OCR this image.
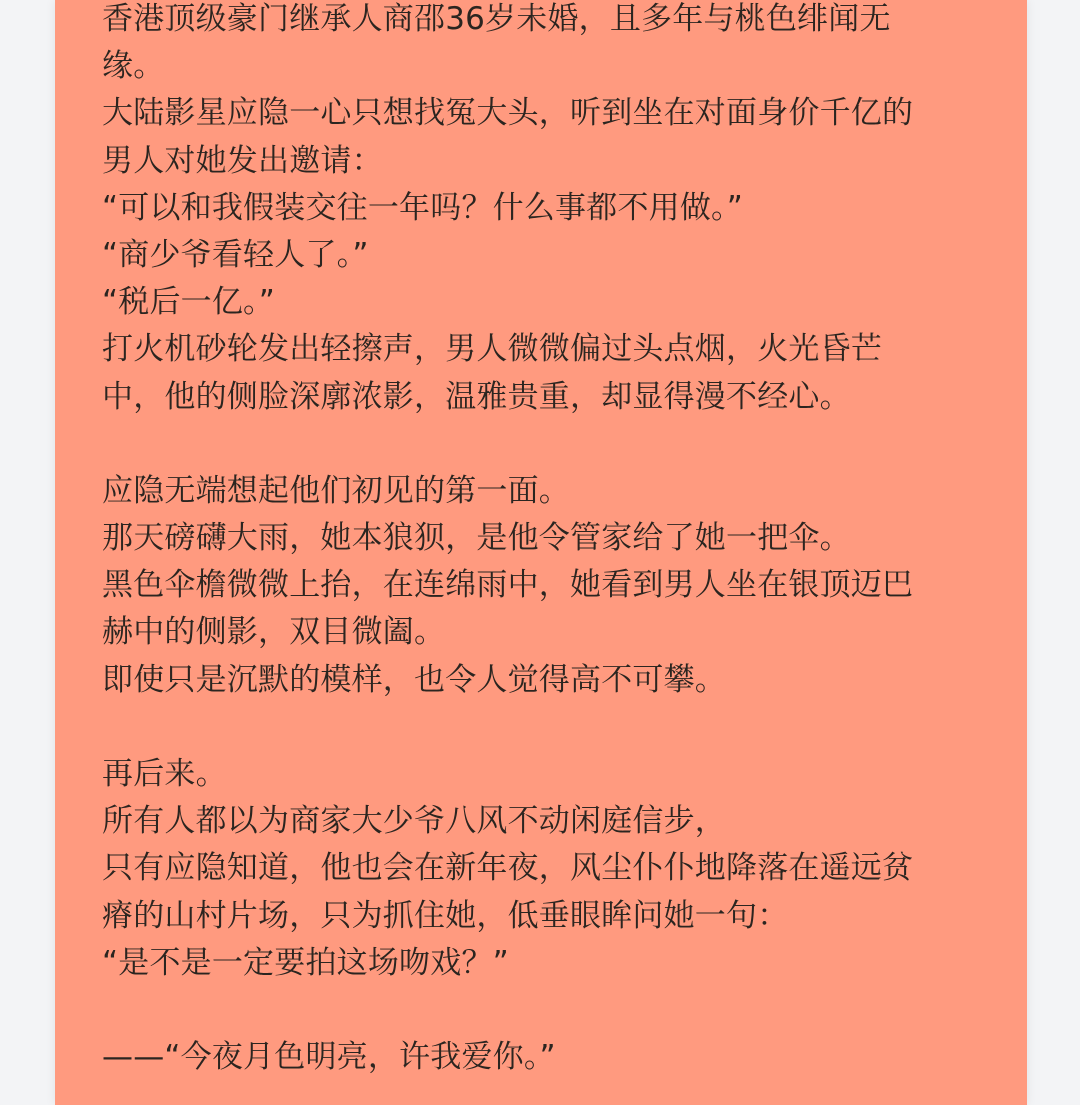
香港顶级豪门继承人商邵36岁未婚，且多年与桃色绯闻无
缘。
大陆影星应隐一心只想找冤大头，听到坐在对面身价千亿的
男人对她发出邀请：
“可以和我假装交往一年吗？什么事都不用做。”
“商少爷看轻人了。”
“税后一亿。”
打火机砂轮发出轻擦声，男人微微偏过头点烟，火光昏芒
中，他的侧脸深廓浓影，温雅贵重，却显得漫不经心。
应隐无端想起他们初见的第一面。
那天磅礴大雨，她本狼狈，是他令管家给了她一把伞。
黑色伞檐微微上抬，在连绵雨中，她看到男人坐在银顶迈巴
赫中的侧影，双目微阖。
即使只是沉默的模样，也令人觉得高不可攀。
再后来。
所有人都以为商家大少爷八风不动闲庭信步，
只有应隐知道，他也会在新年夜，风尘仆仆地降落在遥远贫
瘠的山村片场，只为抓住她，低垂眼眸问她一句：
“是不是一定要拍这场吻戏？”
——“今夜月色明亮，许我爱你。”
